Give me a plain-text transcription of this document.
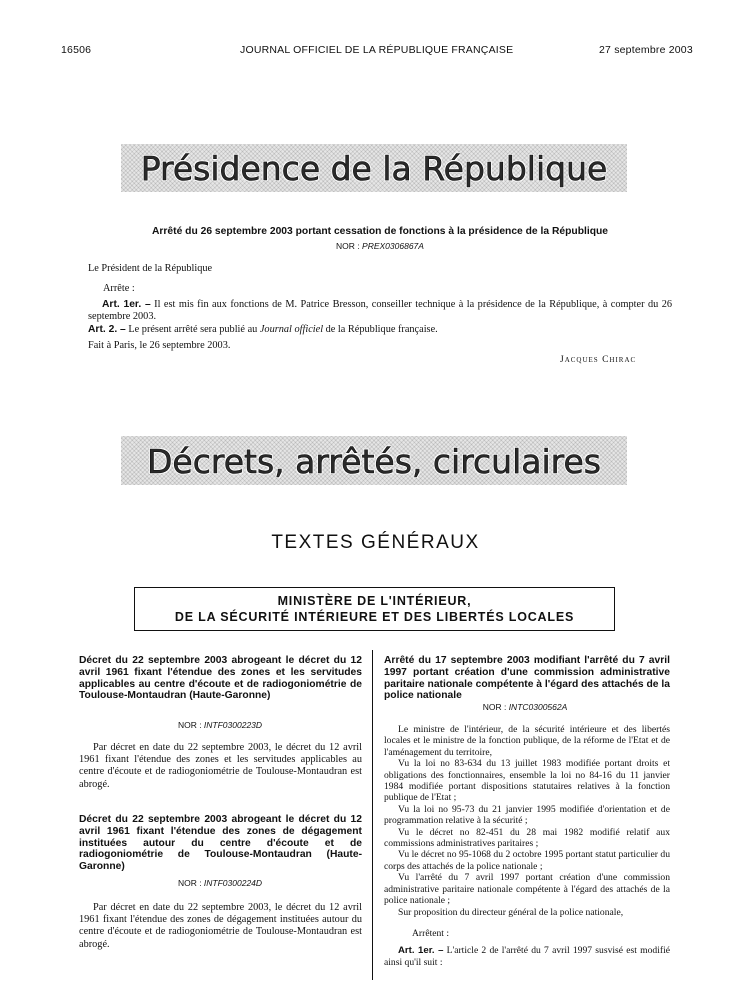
16506	JOURNAL OFFICIEL DE LA RÉPUBLIQUE FRANÇAISE	27 septembre 2003
Présidence de la République
Arrêté du 26 septembre 2003 portant cessation de fonctions à la présidence de la République
NOR : PREX0306867A
Le Président de la République
Arrête :
Art. 1er. – Il est mis fin aux fonctions de M. Patrice Bresson, conseiller technique à la présidence de la République, à compter du 26 septembre 2003.
Art. 2. – Le présent arrêté sera publié au Journal officiel de la République française.
Fait à Paris, le 26 septembre 2003.
Jacques Chirac
Décrets, arrêtés, circulaires
TEXTES GÉNÉRAUX
MINISTÈRE DE L'INTÉRIEUR,
DE LA SÉCURITÉ INTÉRIEURE ET DES LIBERTÉS LOCALES
Décret du 22 septembre 2003 abrogeant le décret du 12 avril 1961 fixant l'étendue des zones et les servitudes applicables au centre d'écoute et de radiogoniométrie de Toulouse-Montaudran (Haute-Garonne)
NOR : INTF0300223D
Par décret en date du 22 septembre 2003, le décret du 12 avril 1961 fixant l'étendue des zones et les servitudes applicables au centre d'écoute et de radiogoniométrie de Toulouse-Montaudran est abrogé.
Décret du 22 septembre 2003 abrogeant le décret du 12 avril 1961 fixant l'étendue des zones de dégagement instituées autour du centre d'écoute et de radiogoniométrie de Toulouse-Montaudran (Haute-Garonne)
NOR : INTF0300224D
Par décret en date du 22 septembre 2003, le décret du 12 avril 1961 fixant l'étendue des zones de dégagement instituées autour du centre d'écoute et de radiogoniométrie de Toulouse-Montaudran est abrogé.
Arrêté du 17 septembre 2003 modifiant l'arrêté du 7 avril 1997 portant création d'une commission administrative paritaire nationale compétente à l'égard des attachés de la police nationale
NOR : INTC0300562A
Le ministre de l'intérieur, de la sécurité intérieure et des libertés locales et le ministre de la fonction publique, de la réforme de l'Etat et de l'aménagement du territoire,
Vu la loi no 83-634 du 13 juillet 1983 modifiée portant droits et obligations des fonctionnaires, ensemble la loi no 84-16 du 11 janvier 1984 modifiée portant dispositions statutaires relatives à la fonction publique de l'Etat ;
Vu la loi no 95-73 du 21 janvier 1995 modifiée d'orientation et de programmation relative à la sécurité ;
Vu le décret no 82-451 du 28 mai 1982 modifié relatif aux commissions administratives paritaires ;
Vu le décret no 95-1068 du 2 octobre 1995 portant statut particulier du corps des attachés de la police nationale ;
Vu l'arrêté du 7 avril 1997 portant création d'une commission administrative paritaire nationale compétente à l'égard des attachés de la police nationale ;
Sur proposition du directeur général de la police nationale,
Arrêtent :
Art. 1er. – L'article 2 de l'arrêté du 7 avril 1997 susvisé est modifié ainsi qu'il suit :
